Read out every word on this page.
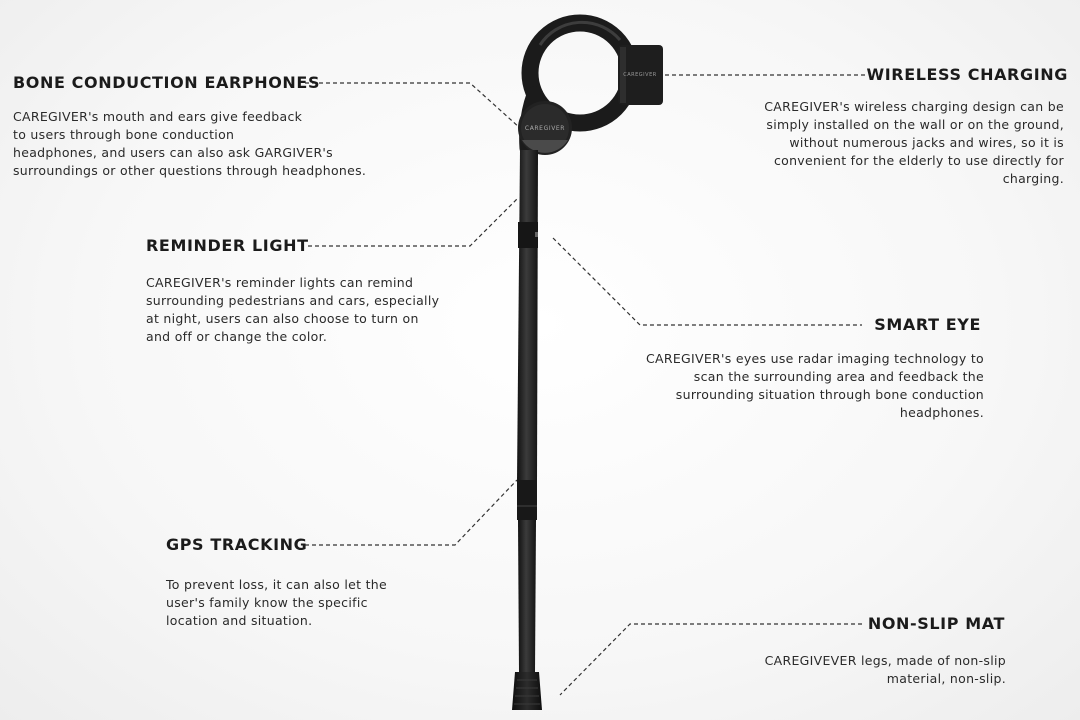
CAREGIVER
CAREGIVER
BONE CONDUCTION EARPHONES
CAREGIVER's mouth and ears give feedback
to users through bone conduction
headphones, and users can also ask GARGIVER's
surroundings or other questions through headphones.
WIRELESS CHARGING
CAREGIVER's wireless charging design can be
simply installed on the wall or on the ground,
without numerous jacks and wires, so it is
convenient for the elderly to use directly for
charging.
REMINDER LIGHT
CAREGIVER's reminder lights can remind
surrounding pedestrians and cars, especially
at night, users can also choose to turn on
and off or change the color.
SMART EYE
CAREGIVER's eyes use radar imaging technology to
scan the surrounding area and feedback the
surrounding situation through bone conduction
headphones.
GPS TRACKING
To prevent loss, it can also let the
user's family know the specific
location and situation.	NON-SLIP MAT
CAREGIVEVER legs, made of non-slip
material, non-slip.
